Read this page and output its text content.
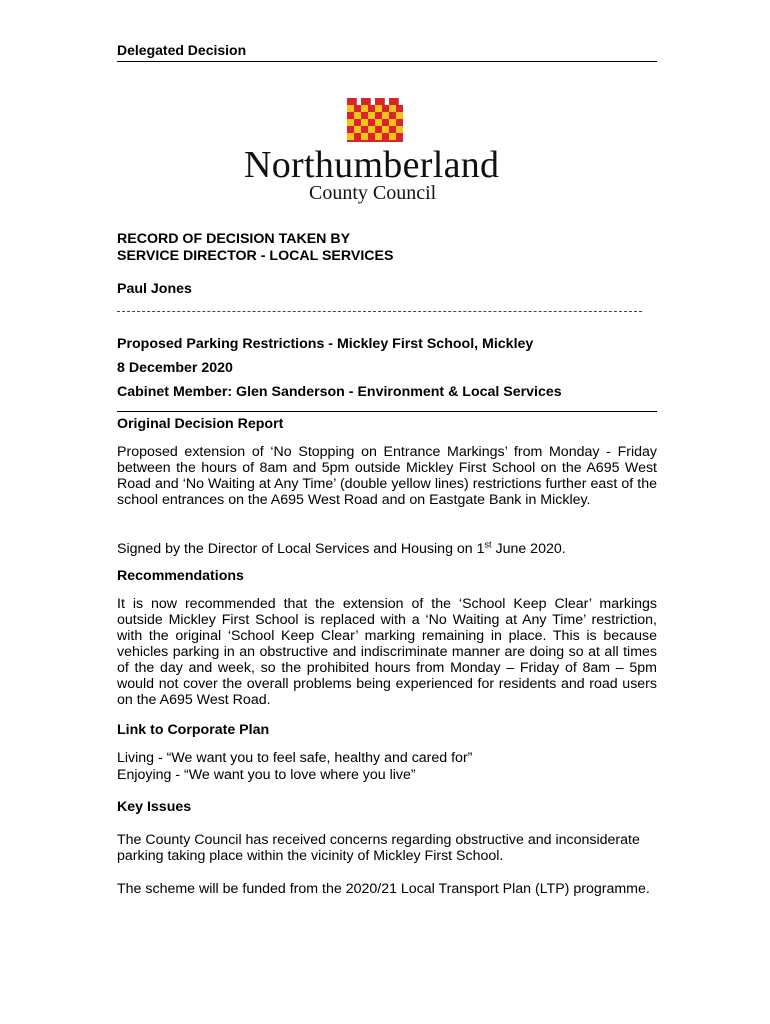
Delegated Decision
Northumberland
County Council
RECORD OF DECISION TAKEN BY
SERVICE DIRECTOR - LOCAL SERVICES
Paul Jones
Proposed Parking Restrictions - Mickley First School, Mickley
8 December 2020
Cabinet Member: Glen Sanderson - Environment & Local Services
Original Decision Report
Proposed extension of ‘No Stopping on Entrance Markings’ from Monday - Friday between the hours of 8am and 5pm outside Mickley First School on the A695 West Road and ‘No Waiting at Any Time’ (double yellow lines) restrictions further east of the school entrances on the A695 West Road and on Eastgate Bank in Mickley.
Signed by the Director of Local Services and Housing on 1st June 2020.
Recommendations
It is now recommended that the extension of the ‘School Keep Clear’ markings outside Mickley First School is replaced with a ‘No Waiting at Any Time’ restriction, with the original ‘School Keep Clear’ marking remaining in place. This is because vehicles parking in an obstructive and indiscriminate manner are doing so at all times of the day and week, so the prohibited hours from Monday – Friday of 8am – 5pm would not cover the overall problems being experienced for residents and road users on the A695 West Road.
Link to Corporate Plan
Living - “We want you to feel safe, healthy and cared for”
Enjoying - “We want you to love where you live”
Key Issues
The County Council has received concerns regarding obstructive and inconsiderate parking taking place within the vicinity of Mickley First School.
The scheme will be funded from the 2020/21 Local Transport Plan (LTP) programme.
